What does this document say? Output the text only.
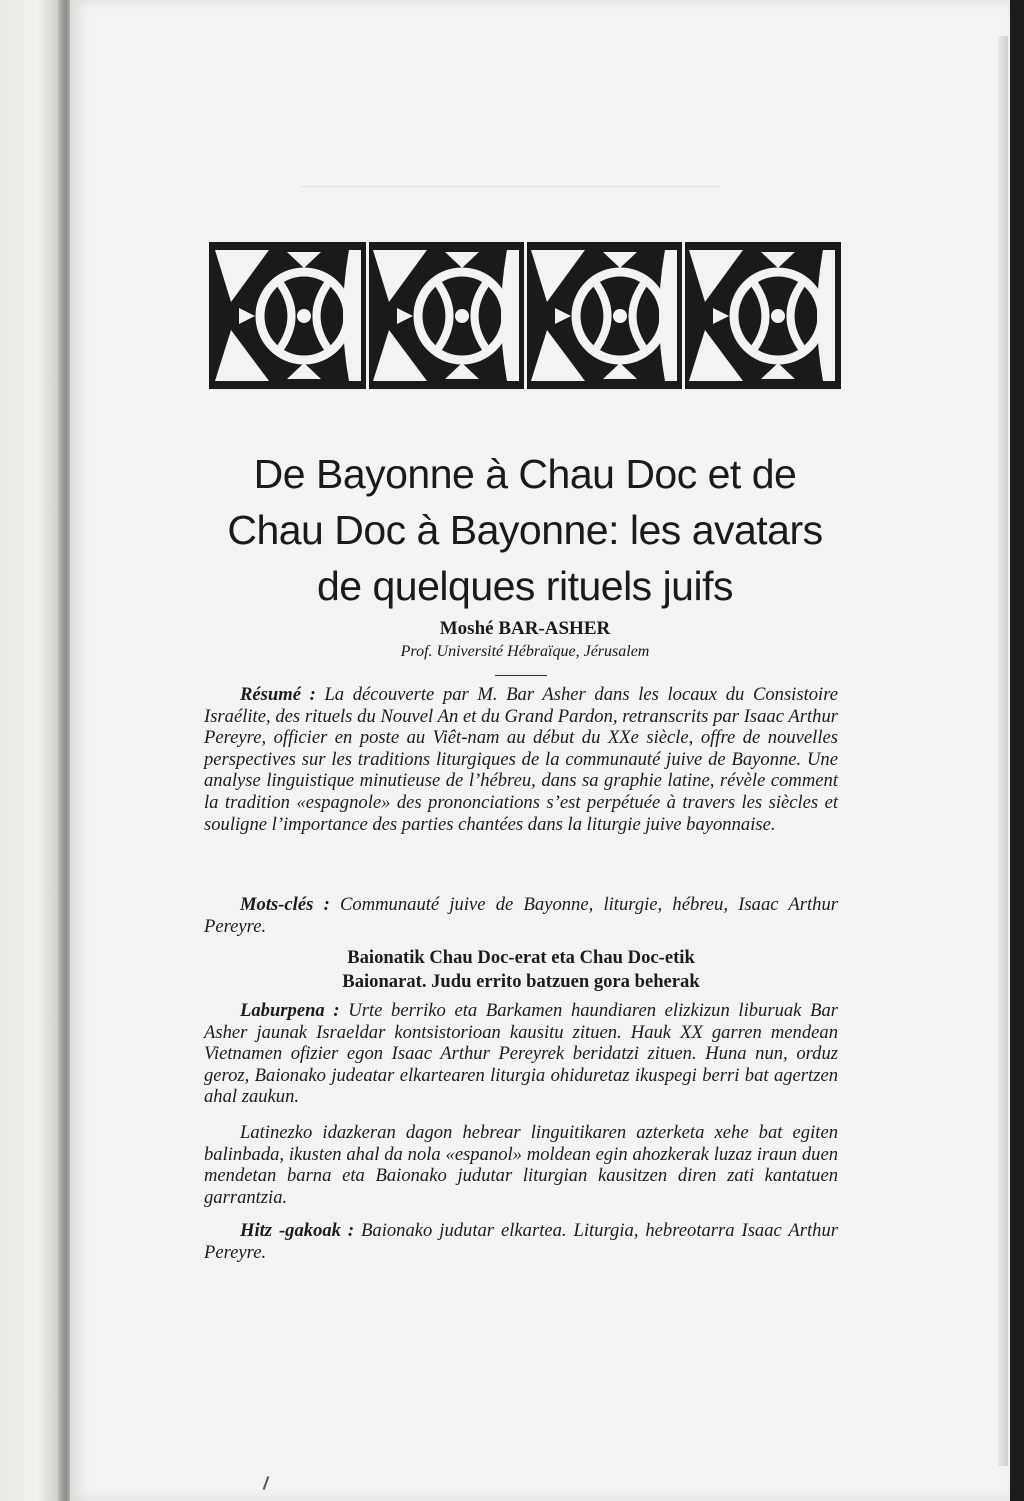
——————————————————————————————
De Bayonne à Chau Doc et de
Chau Doc à Bayonne: les avatars
de quelques rituels juifs
Moshé BAR-ASHER
Prof. Université Hébraïque, Jérusalem

Résumé : La découverte par M. Bar Asher dans les locaux du Consistoire Israélite, des rituels du Nouvel An et du Grand Pardon, retranscrits par Isaac Arthur Pereyre, officier en poste au Viêt-nam au début du XXe siècle, offre de nouvelles perspectives sur les traditions liturgiques de la communauté juive de Bayonne. Une analyse linguistique minutieuse de l’hébreu, dans sa graphie latine, révèle comment la tradition «espagnole» des prononciations s’est perpétuée à travers les siècles et souligne l’importance des parties chantées dans la liturgie juive bayonnaise.

Mots-clés : Communauté juive de Bayonne, liturgie, hébreu, Isaac Arthur Pereyre.

Baionatik Chau Doc-erat eta Chau Doc-etik
Baionarat. Judu errito batzuen gora beherak

Laburpena : Urte berriko eta Barkamen haundiaren elizkizun liburuak Bar Asher jaunak Israeldar kontsistorioan kausitu zituen. Hauk XX garren mendean Vietnamen ofizier egon Isaac Arthur Pereyrek beridatzi zituen. Huna nun, orduz geroz, Baionako judeatar elkartearen liturgia ohiduretaz ikuspegi berri bat agertzen ahal zaukun.

Latinezko idazkeran dagon hebrear linguitikaren azterketa xehe bat egiten balinbada, ikusten ahal da nola «espanol» moldean egin ahozkerak luzaz iraun duen mendetan barna eta Baionako judutar liturgian kausitzen diren zati kantatuen garrantzia.

Hitz -gakoak : Baionako judutar elkartea. Liturgia, hebreotarra Isaac Arthur Pereyre.
